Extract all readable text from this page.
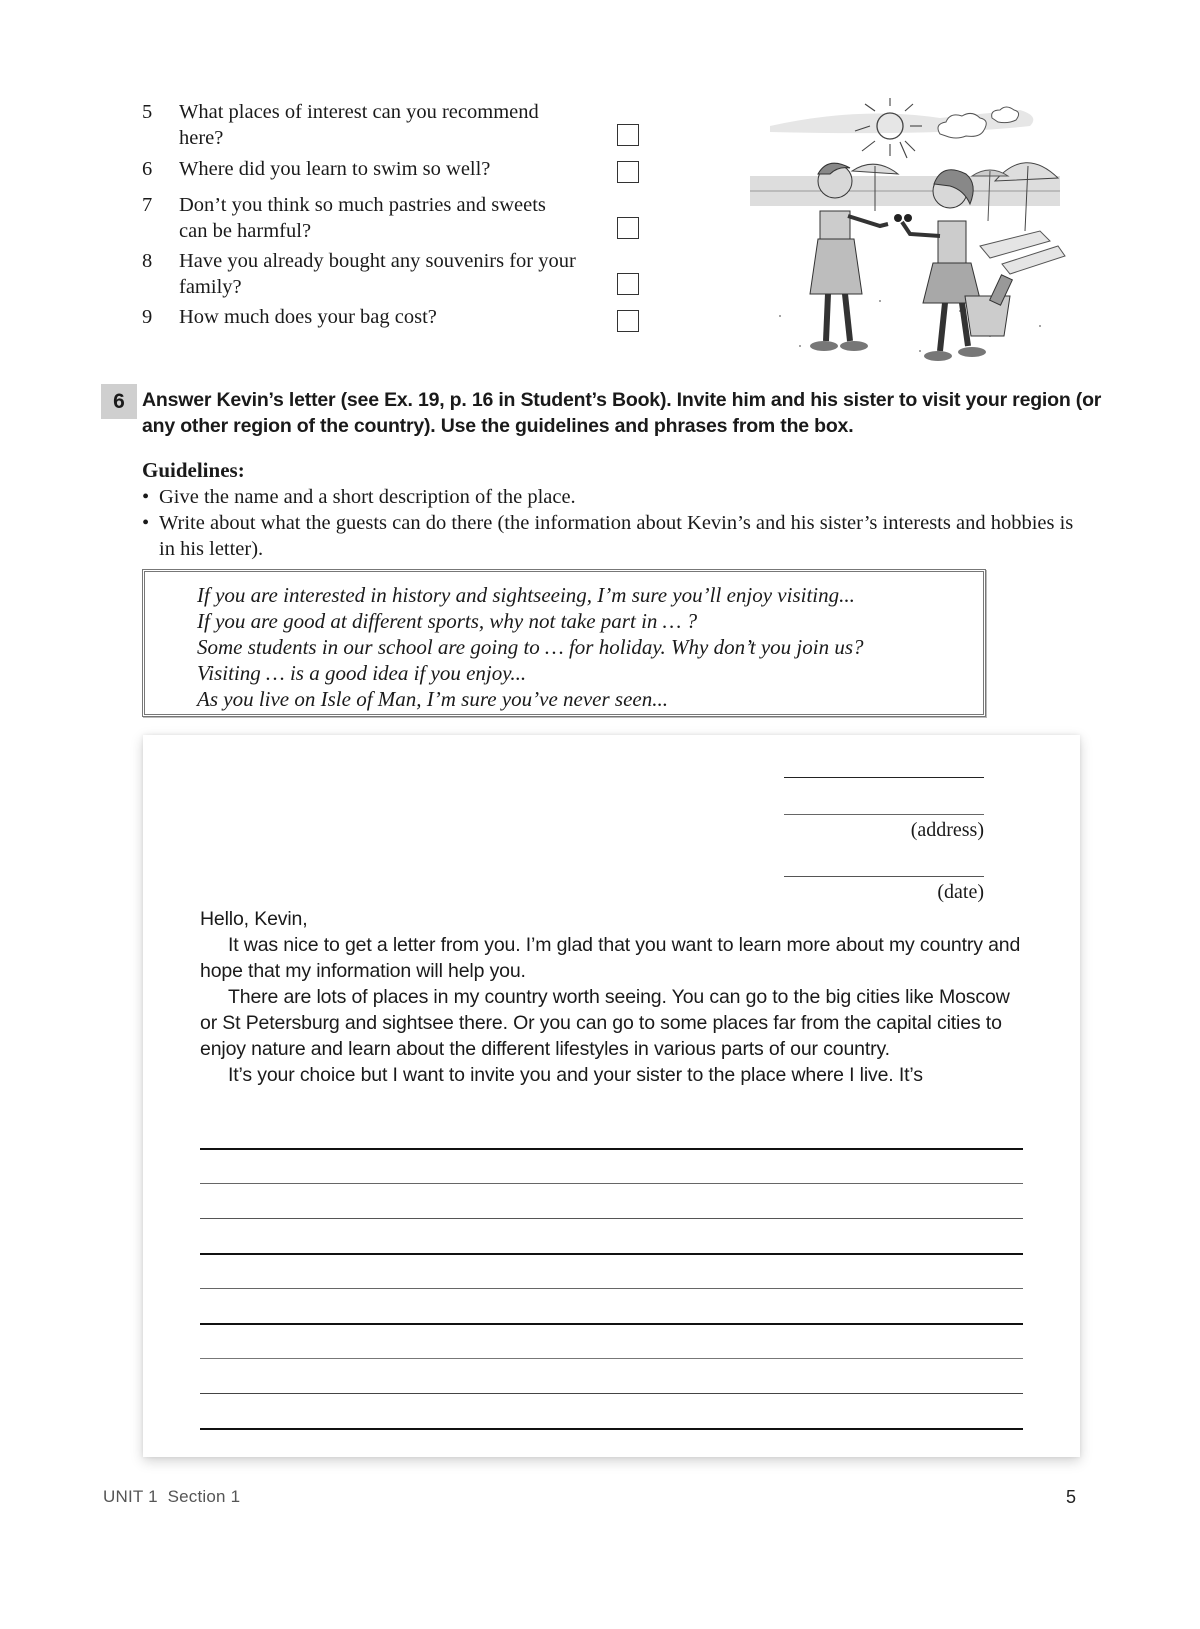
5	What places of interest can you recommend
here?
6	Where did you learn to swim so well?
7	Don’t you think so much pastries and sweets
can be harmful?
8	Have you already bought any souvenirs for your
family?
9	How much does your bag cost?
6 Answer Kevin’s letter (see Ex. 19, p. 16 in Student’s Book). Invite him and his sister to visit your region (or any other region of the country). Use the guidelines and phrases from the box.
Guidelines:
• Give the name and a short description of the place.
• Write about what the guests can do there (the information about Kevin’s and his sister’s interests and hobbies is in his letter).
If you are interested in history and sightseeing, I’m sure you’ll enjoy visiting...
If you are good at different sports, why not take part in … ?
Some students in our school are going to … for holiday. Why don’t you join us?
Visiting … is a good idea if you enjoy...
As you live on Isle of Man, I’m sure you’ve never seen...
(address)
(date)

Hello, Kevin,

It was nice to get a letter from you. I’m glad that you want to learn more about my country and hope that my information will help you.

There are lots of places in my country worth seeing. You can go to the big cities like Moscow or St Petersburg and sightsee there. Or you can go to some places far from the capital cities to enjoy nature and learn about the different lifestyles in various parts of our country.

It’s your choice but I want to invite you and your sister to the place where I live. It’s

UNIT 1  Section 1	5
